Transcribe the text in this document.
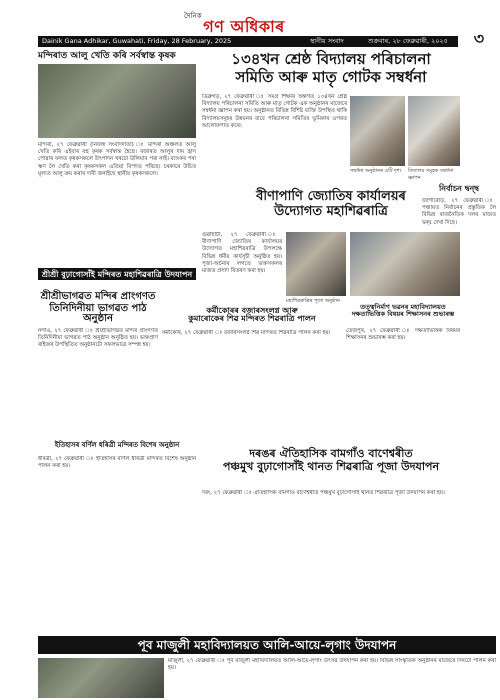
দৈনিক
গণ অধিকাৰ
৩
Dainik Gana Adhikar, Guwahati, Friday, 28 February, 2025	স্থানীয় সংবাদ	শুক্ৰবাৰ, ২৮ ফেব্ৰুৱাৰী, ২০২৫
মন্দিৰাত আলু খেতি কৰি সৰ্বস্বান্ত কৃষক
মন্দিৰা, ২৭ ফেব্ৰুৱাৰী (নিজস্ব সংবাদদাতা) ঃ মন্দিৰা অঞ্চলত আলু খেতি কৰি এইবাৰ বহু কৃষক সৰ্বস্বান্ত হৈছে। বজাৰত আলুৰ দাম হ্ৰাস পোৱাৰ ফলত কৃষকসকলে উৎপাদন খৰচো উলিয়াব পৰা নাই। ব্যাংকৰ পৰা ঋণ লৈ খেতি কৰা কৃষকসকল এতিয়া বিপদত পৰিছে। চৰকাৰে উচিত মূল্যত আলু ক্ৰয় কৰাৰ দাবী জনাইছে স্থানীয় কৃষকসকলে।
১৩৪খন শ্ৰেষ্ঠ বিদ্যালয় পৰিচালনা
সমিতি আৰু মাতৃ গোটক সম্বৰ্ধনা
ডিব্ৰুগড়, ২৭ ফেব্ৰুৱাৰী ঃ সমগ্ৰ শিক্ষাৰ অন্তৰ্গত ১৩৪খন শ্ৰেষ্ঠ বিদ্যালয় পৰিচালনা সমিতি আৰু মাতৃ গোটক এক অনুষ্ঠানৰ মাজেৰে সম্বৰ্ধনা জ্ঞাপন কৰা হয়। অনুষ্ঠানত বিভিন্ন বিশিষ্ট ব্যক্তি উপস্থিত থাকি বিদ্যালয়সমূহৰ উন্নয়নৰ বাবে পৰিচালনা সমিতিৰ ভূমিকাৰ ওপৰত আলোকপাত কৰে।
সম্বৰ্ধনা অনুষ্ঠানৰ এটি দৃশ্য	বিদ্যালয় সমূহক সম্বৰ্ধনা জ্ঞাপন
বীণাপাণি জ্যোতিষ কাৰ্যালয়ৰ
উদ্যোগত মহাশিৱৰাত্ৰি
গুৱাহাটী, ২৭ ফেব্ৰুৱাৰী ঃ বীণাপাণি জ্যোতিষ কাৰ্যালয়ৰ উদ্যোগত মহাশিৱৰাত্ৰি উপলক্ষে বিভিন্ন ধৰ্মীয় কাৰ্যসূচী অনুষ্ঠিত হয়। পূজা-অৰ্চনাৰ লগতে ভক্তসকলৰ মাজত প্ৰসাদ বিতৰণ কৰা হয়।
মহাশিৱৰাত্ৰিৰ পূজা অনুষ্ঠান
শ্ৰীশ্ৰী বুঢ়াগোসাঁই মন্দিৰত মহাশিৱৰাত্ৰি উদযাপন
শ্ৰীশ্ৰীভাগৱত মন্দিৰ প্ৰাংগণত
তিনিদিনীয়া ভাগৱত পাঠ অনুষ্ঠান
নগাঁও, ২৭ ফেব্ৰুৱাৰী ঃ শ্ৰীশ্ৰীভাগৱত মন্দিৰ প্ৰাংগণত তিনিদিনীয়া ভাগৱত পাঠ অনুষ্ঠান অনুষ্ঠিত হয়। ভক্তপ্ৰাণ ৰাইজৰ উপস্থিতিত অনুষ্ঠানটো সফলভাৱে সম্পন্ন হয়।
কৰ্মীকোৰৰ বজাৰসংলগ্ন আৰু
কুমাৰোকেৰ শিৱ মন্দিৰত শিৱৰাত্ৰি পালন
কৰ্মীকোৰ, ২৭ ফেব্ৰুৱাৰী ঃ বজাৰসংলগ্ন শিৱ মন্দিৰত শিৱৰাত্ৰি পালন কৰা হয়।
তত্ত্বনিৰ্মাণ ভৱনৰ মহাবিদ্যালয়ত
দক্ষতাভিত্তিক বিষয়ৰ শিক্ষাসনৰ শুভাৰম্ভ
তেজপুৰ, ২৭ ফেব্ৰুৱাৰী ঃ দক্ষতাভিত্তিক বিষয়ৰ শিক্ষাসনৰ শুভাৰম্ভ কৰা হয়।
নিৰ্বাচন দ্বন্দ্ব
জাগীৰোড়, ২৭ ফেব্ৰুৱাৰী ঃ পঞ্চায়ত নিৰ্বাচনৰ প্ৰস্তুতিক লৈ বিভিন্ন ৰাজনৈতিক দলৰ মাজত দ্বন্দ্ব দেখা দিছে।
ইতিহাসৰ বৰ্ণিল ধৰিত্ৰী মন্দিৰত বিশেষ অনুষ্ঠান
ধৰিত্ৰী, ২৭ ফেব্ৰুৱাৰী ঃ ইতিহাসৰ বৰ্ণিল ধৰিত্ৰী মন্দিৰত বিশেষ অনুষ্ঠান পালন কৰা হয়।
দৰঙৰ ঐতিহাসিক বামগাঁও বাণেশ্বৰীত
পঞ্চমুখ বুঢ়াগোসাঁই থানত শিৱৰাত্ৰি পূজা উদযাপন
দৰং, ২৭ ফেব্ৰুৱাৰী ঃ ঐতিহাসিক বামগাঁও বাণেশ্বৰীত পঞ্চমুখ বুঢ়াগোসাঁই থানত শিৱৰাত্ৰি পূজা উদযাপন কৰা হয়।
পূব মাজুলী মহাবিদ্যালয়ত আলি-আয়ে-লৃগাং উদযাপন
মাজুলী, ২৭ ফেব্ৰুৱাৰী ঃ পূব মাজুলী মহাবিদ্যালয়ত আলি-আয়ে-লৃগাং উৎসৱ উদযাপন কৰা হয়। বিভিন্ন সাংস্কৃতিক অনুষ্ঠানৰ মাজেৰে দিনটো পালন কৰা হয়।
